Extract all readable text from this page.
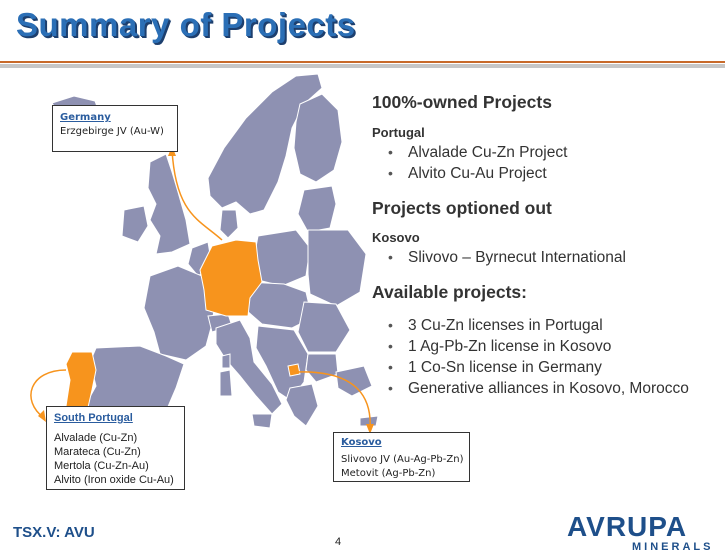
Summary of Projects
Germany
Erzgebirge JV (Au-W)
South Portugal
Alvalade (Cu-Zn)
Marateca (Cu-Zn)
Mertola (Cu-Zn-Au)
Alvito (Iron oxide Cu-Au)
Kosovo
Slivovo JV (Au-Ag-Pb-Zn)
Metovit (Ag-Pb-Zn)
100%-owned Projects
Portugal
• Alvalade Cu-Zn Project
• Alvito Cu-Au Project
Projects optioned out
Kosovo
• Slivovo – Byrnecut International
Available projects:
• 3 Cu-Zn licenses in Portugal
• 1 Ag-Pb-Zn license in Kosovo
• 1 Co-Sn license in Germany
• Generative alliances in Kosovo, Morocco
TSX.V: AVU
4	AVRUPA
MINERALS
